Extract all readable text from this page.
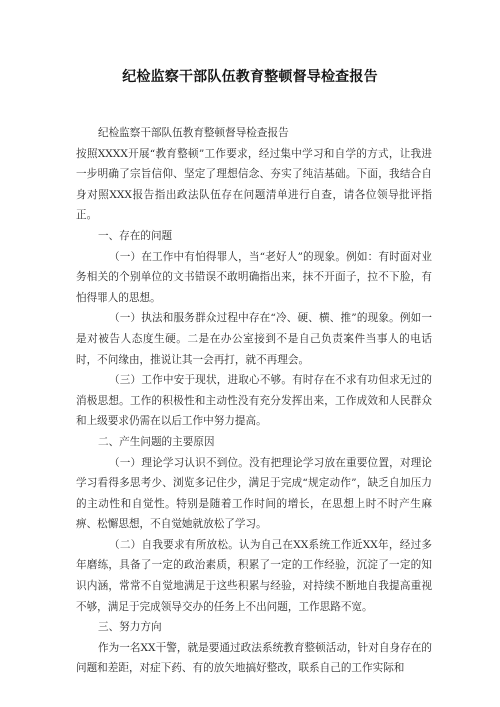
纪检监察干部队伍教育整顿督导检查报告

纪检监察干部队伍教育整顿督导检查报告

按照XXXX开展“教育整顿”工作要求，经过集中学习和自学的方式，让我进一步明确了宗旨信仰、坚定了理想信念、夯实了纯洁基础。下面，我结合自身对照XXX报告指出政法队伍存在问题清单进行自查，请各位领导批评指正。

一、存在的问题

（一）在工作中有怕得罪人，当“老好人”的现象。例如：有时面对业务相关的个别单位的文书错误不敢明确指出来，抹不开面子，拉不下脸，有怕得罪人的思想。

（一）执法和服务群众过程中存在“冷、硬、横、推”的现象。例如一是对被告人态度生硬。二是在办公室接到不是自己负责案件当事人的电话时，不问缘由，推说让其一会再打，就不再理会。

（三）工作中安于现状，进取心不够。有时存在不求有功但求无过的消极思想。工作的积极性和主动性没有充分发挥出来，工作成效和人民群众和上级要求仍需在以后工作中努力提高。

二、产生问题的主要原因

（一）理论学习认识不到位。没有把理论学习放在重要位置，对理论学习看得多思考少、浏览多记住少，满足于完成“规定动作”，缺乏自加压力的主动性和自觉性。特别是随着工作时间的增长，在思想上时不时产生麻痹、松懈思想，不自觉她就放松了学习。

（二）自我要求有所放松。认为自己在XX系统工作近XX年，经过多年磨练，具备了一定的政治素质，积累了一定的工作经验，沉淀了一定的知识内涵，常常不自觉地满足于这些积累与经验，对持续不断地自我提高重视不够，满足于完成领导交办的任务上不出问题，工作思路不宽。

三、努力方向

作为一名XX干警，就是要通过政法系统教育整顿活动，针对自身存在的问题和差距，对症下药、有的放矢地搞好整改，联系自己的工作实际和
